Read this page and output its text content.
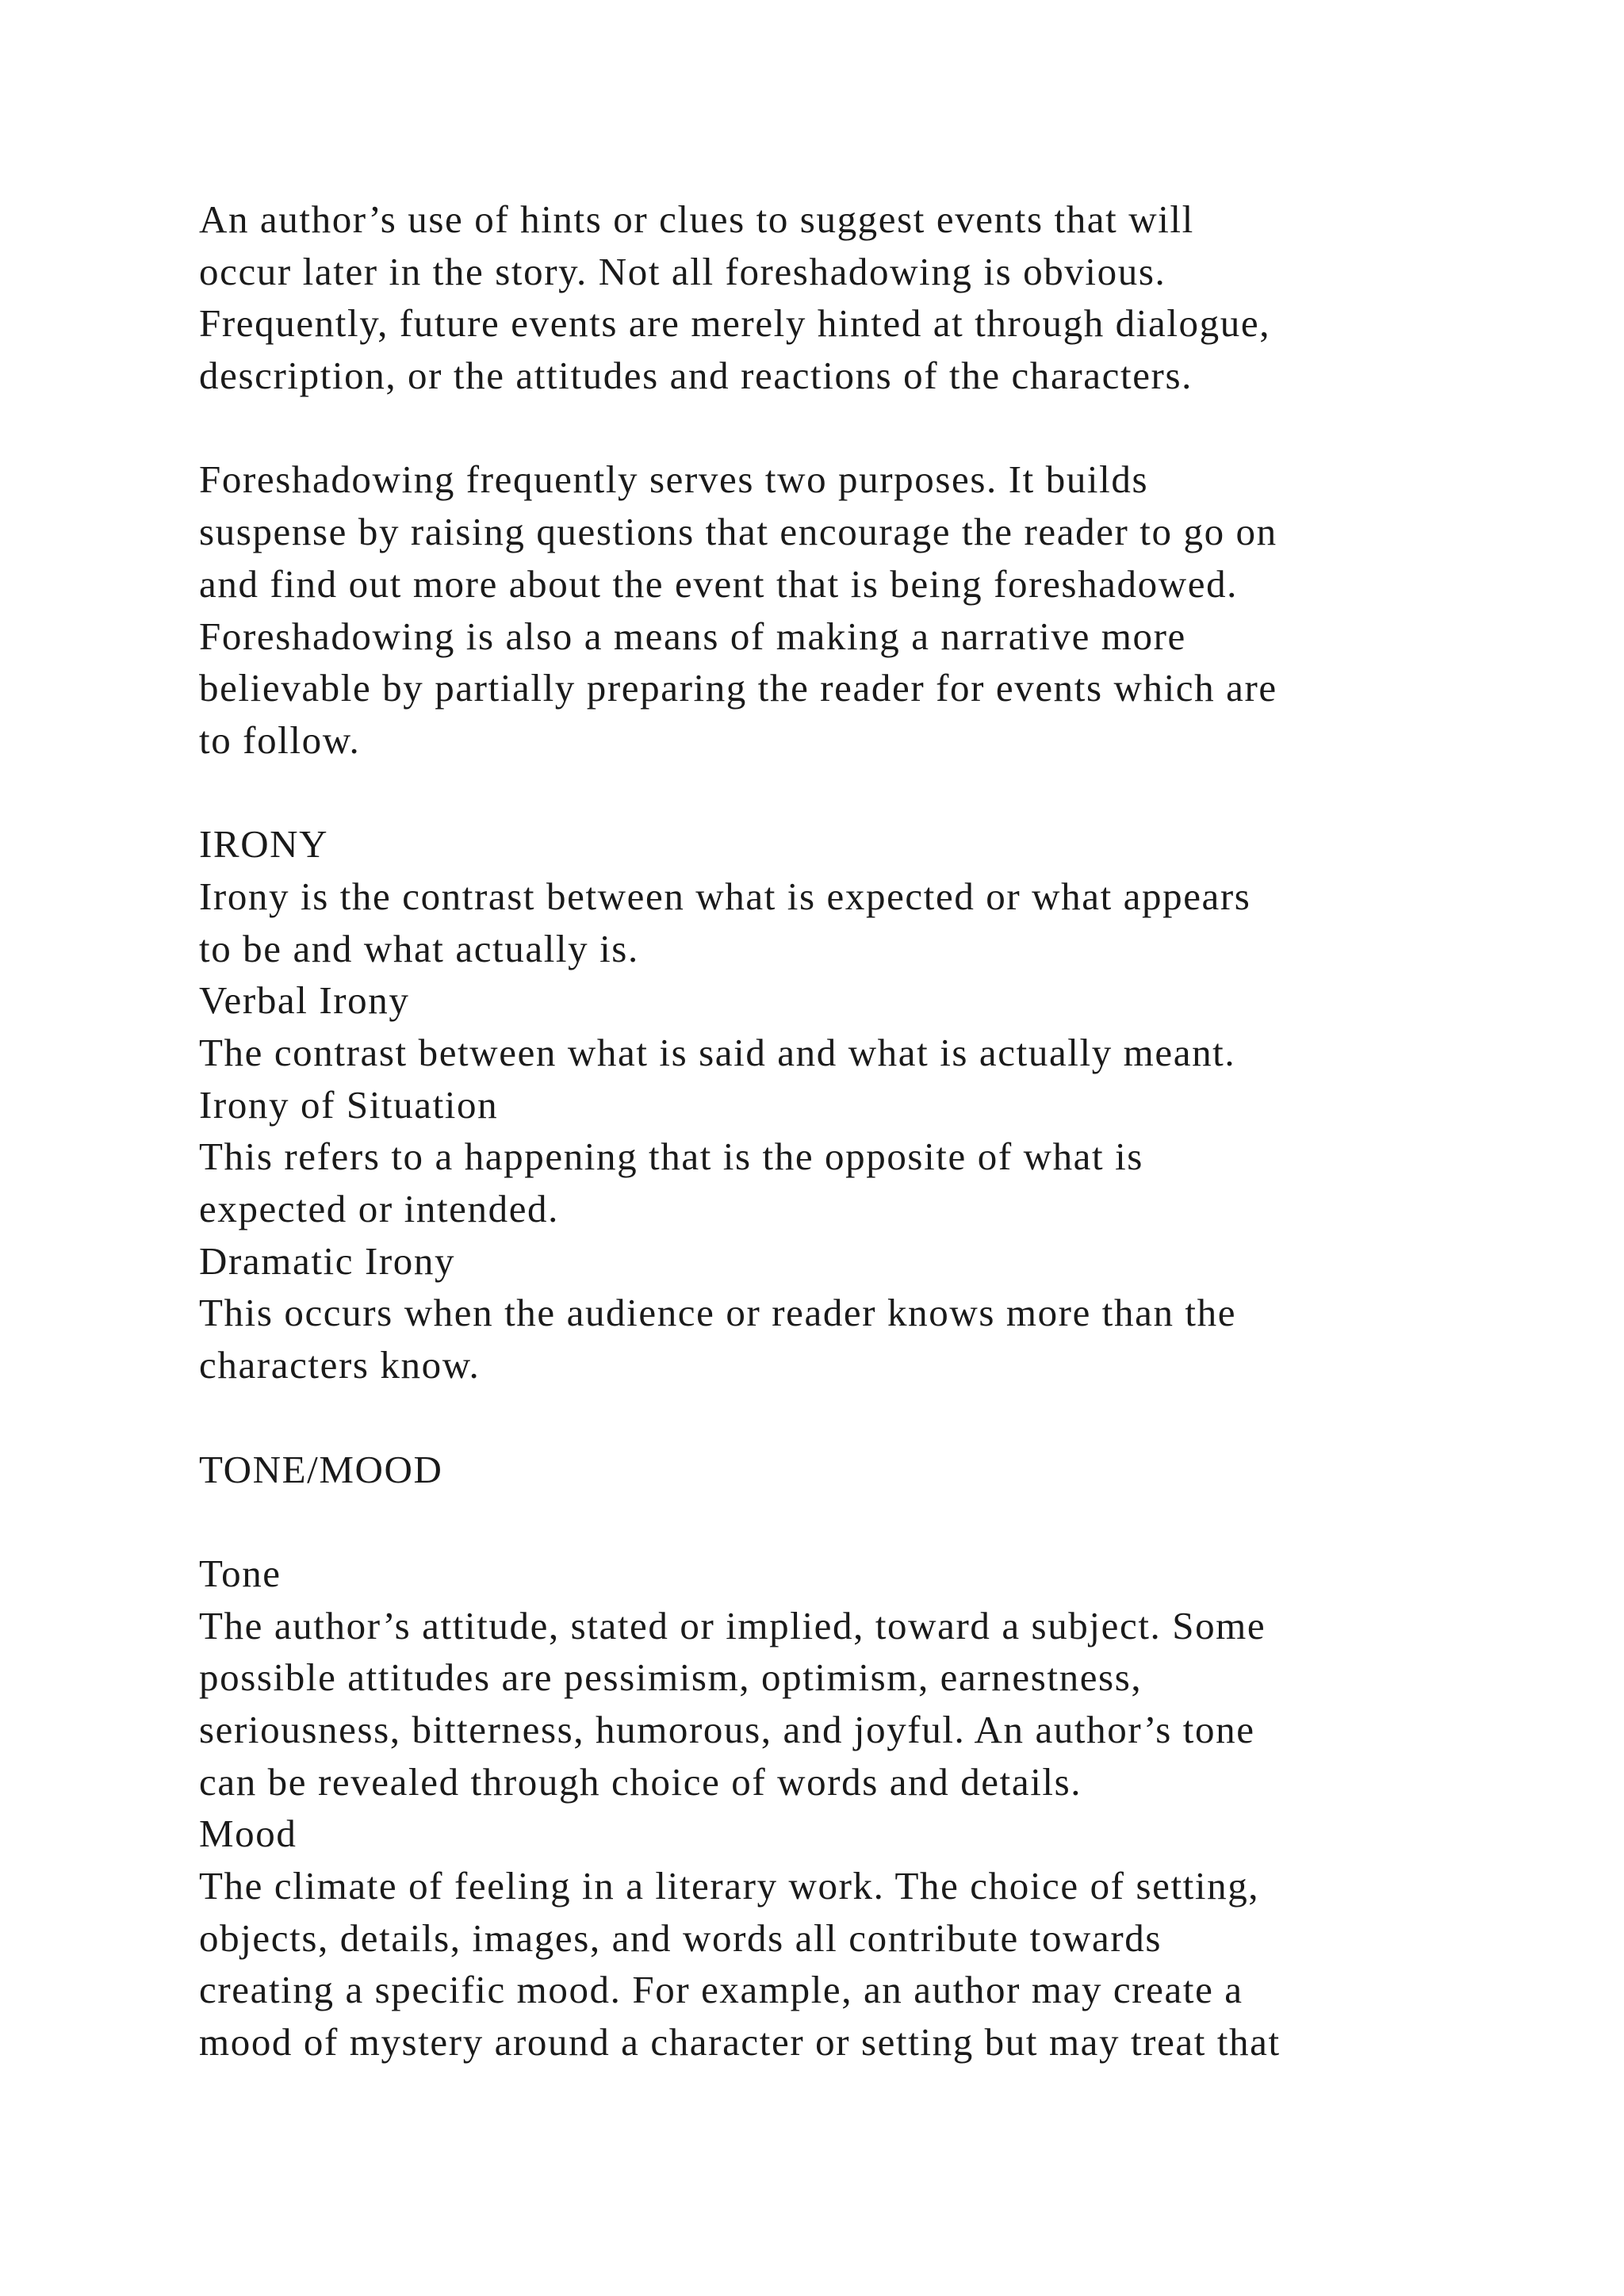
An author’s use of hints or clues to suggest events that will
occur later in the story. Not all foreshadowing is obvious.
Frequently, future events are merely hinted at through dialogue,
description, or the attitudes and reactions of the characters.
Foreshadowing frequently serves two purposes. It builds
suspense by raising questions that encourage the reader to go on
and find out more about the event that is being foreshadowed.
Foreshadowing is also a means of making a narrative more
believable by partially preparing the reader for events which are
to follow.
IRONY
Irony is the contrast between what is expected or what appears
to be and what actually is.
Verbal Irony
The contrast between what is said and what is actually meant.
Irony of Situation
This refers to a happening that is the opposite of what is
expected or intended.
Dramatic Irony
This occurs when the audience or reader knows more than the
characters know.
TONE/MOOD
Tone
The author’s attitude, stated or implied, toward a subject. Some
possible attitudes are pessimism, optimism, earnestness,
seriousness, bitterness, humorous, and joyful. An author’s tone
can be revealed through choice of words and details.
Mood
The climate of feeling in a literary work. The choice of setting,
objects, details, images, and words all contribute towards
creating a specific mood. For example, an author may create a
mood of mystery around a character or setting but may treat that
